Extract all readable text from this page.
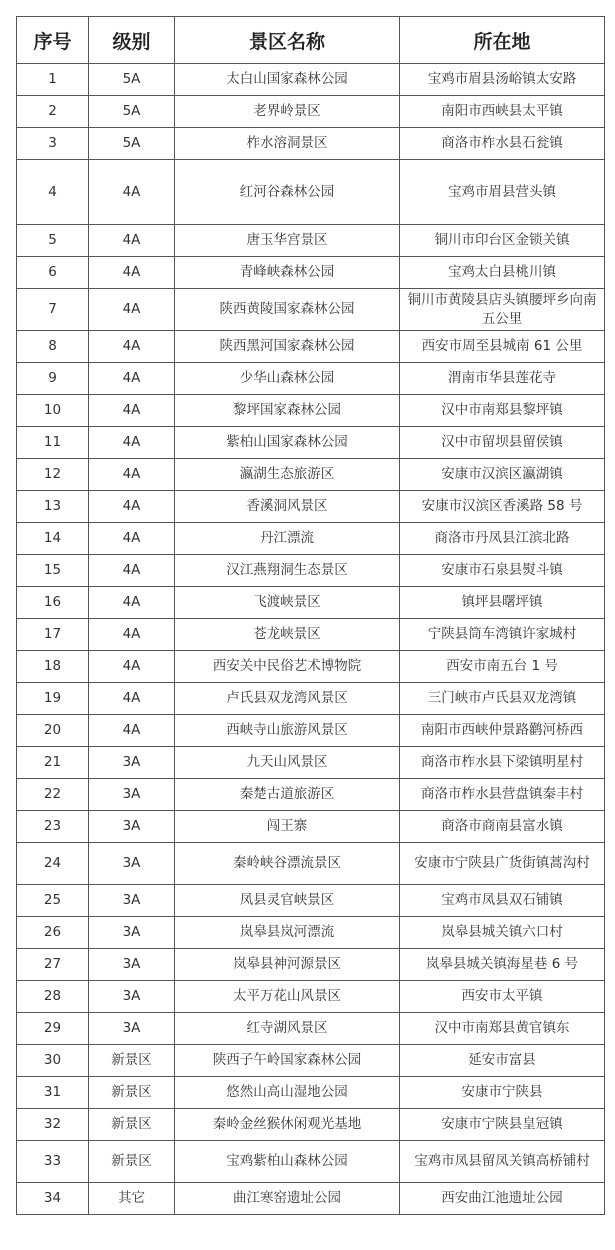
序号	级别	景区名称	所在地
1	5A	太白山国家森林公园	宝鸡市眉县汤峪镇太安路
2	5A	老界岭景区	南阳市西峡县太平镇
3	5A	柞水溶洞景区	商洛市柞水县石瓮镇
4	4A	红河谷森林公园	宝鸡市眉县营头镇
5	4A	唐玉华宫景区	铜川市印台区金锁关镇
6	4A	青峰峡森林公园	宝鸡太白县桃川镇
7	4A	陕西黄陵国家森林公园	铜川市黄陵县店头镇腰坪乡向南五公里
8	4A	陕西黑河国家森林公园	西安市周至县城南 61 公里
9	4A	少华山森林公园	渭南市华县莲花寺
10	4A	黎坪国家森林公园	汉中市南郑县黎坪镇
11	4A	紫柏山国家森林公园	汉中市留坝县留侯镇
12	4A	瀛湖生态旅游区	安康市汉滨区瀛湖镇
13	4A	香溪洞风景区	安康市汉滨区香溪路 58 号
14	4A	丹江漂流	商洛市丹凤县江滨北路
15	4A	汉江燕翔洞生态景区	安康市石泉县熨斗镇
16	4A	飞渡峡景区	镇坪县曙坪镇
17	4A	苍龙峡景区	宁陕县筒车湾镇许家城村
18	4A	西安关中民俗艺术博物院	西安市南五台 1 号
19	4A	卢氏县双龙湾风景区	三门峡市卢氏县双龙湾镇
20	4A	西峡寺山旅游风景区	南阳市西峡仲景路鹳河桥西
21	3A	九天山风景区	商洛市柞水县下梁镇明星村
22	3A	秦楚古道旅游区	商洛市柞水县营盘镇秦丰村
23	3A	闯王寨	商洛市商南县富水镇
24	3A	秦岭峡谷漂流景区	安康市宁陕县广货街镇蒿沟村
25	3A	凤县灵官峡景区	宝鸡市凤县双石铺镇
26	3A	岚皋县岚河漂流	岚皋县城关镇六口村
27	3A	岚皋县神河源景区	岚皋县城关镇海星巷 6 号
28	3A	太平万花山风景区	西安市太平镇
29	3A	红寺湖风景区	汉中市南郑县黄官镇东
30	新景区	陕西子午岭国家森林公园	延安市富县
31	新景区	悠然山高山湿地公园	安康市宁陕县
32	新景区	秦岭金丝猴休闲观光基地	安康市宁陕县皇冠镇
33	新景区	宝鸡紫柏山森林公园	宝鸡市凤县留凤关镇高桥铺村
34	其它	曲江寒窑遗址公园	西安曲江池遗址公园
